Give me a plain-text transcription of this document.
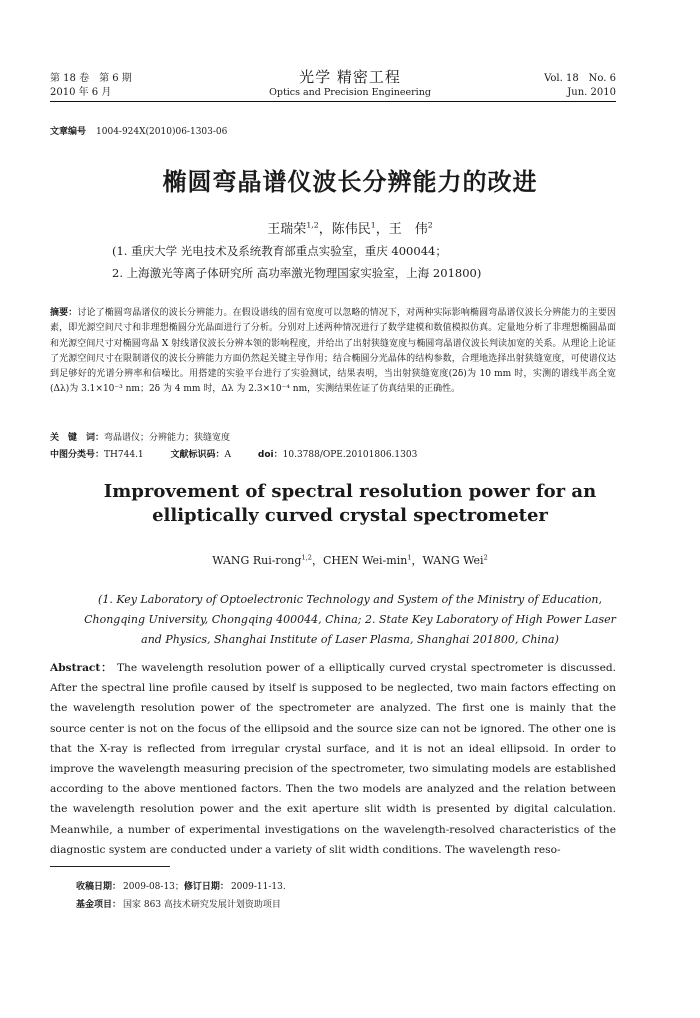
第 18 卷　第 6 期
2010 年 6 月
光学 精密工程
Optics and Precision Engineering
Vol. 18　No. 6
Jun. 2010
文章编号 1004-924X(2010)06-1303-06
椭圆弯晶谱仪波长分辨能力的改进
王瑞荣$^{1,2}$，陈伟民$^1$，王　伟$^2$
(1. 重庆大学 光电技术及系统教育部重点实验室，重庆 400044；
2. 上海激光等离子体研究所 高功率激光物理国家实验室，上海 201800)
摘要：讨论了椭圆弯晶谱仪的波长分辨能力。在假设谱线的固有宽度可以忽略的情况下，对两种实际影响椭圆弯晶谱仪波长分辨能力的主要因素，即光源空间尺寸和非理想椭圆分光晶面进行了分析。分别对上述两种情况进行了数学建模和数值模拟仿真。定量地分析了非理想椭圆晶面和光源空间尺寸对椭圆弯晶 X 射线谱仪波长分辨本领的影响程度，并给出了出射狭缝宽度与椭圆弯晶谱仪波长判读加宽的关系。从理论上论证了光源空间尺寸在限制谱仪的波长分辨能力方面仍然起关键主导作用；结合椭圆分光晶体的结构参数，合理地选择出射狭缝宽度，可使谱仪达到足够好的光谱分辨率和信噪比。用搭建的实验平台进行了实验测试，结果表明，当出射狭缝宽度(2δ)为 10 mm 时，实测的谱线半高全宽(Δλ)为 3.1×10⁻³ nm；2δ 为 4 mm 时，Δλ 为 2.3×10⁻⁴ nm，实测结果佐证了仿真结果的正确性。
关　键　词：弯晶谱仪；分辨能力；狭缝宽度
中图分类号：TH744.1	文献标识码：A	doi：10.3788/OPE.20101806.1303
Improvement of spectral resolution power for an
elliptically curved crystal spectrometer
WANG Rui-rong$^{1,2}$，CHEN Wei-$\min^1$，WANG Wei$^2$
(1. Key Laboratory of Optoelectronic Technology and System of the Ministry of Education, Chongqing University, Chongqing 400044, China; 2. State Key Laboratory of High Power Laser and Physics, Shanghai Institute of Laser Plasma, Shanghai 201800, China)
Abstract： The wavelength resolution power of a elliptically curved crystal spectrometer is discussed. After the spectral line profile caused by itself is supposed to be neglected, two main factors effecting on the wavelength resolution power of the spectrometer are analyzed. The first one is mainly that the source center is not on the focus of the ellipsoid and the source size can not be ignored. The other one is that the X-ray is reflected from irregular crystal surface, and it is not an ideal ellipsoid. In order to improve the wavelength measuring precision of the spectrometer, two simulating models are established according to the above mentioned factors. Then the two models are analyzed and the relation between the wavelength resolution power and the exit aperture slit width is presented by digital calculation. Meanwhile, a number of experimental investigations on the wavelength-resolved characteristics of the diagnostic system are conducted under a variety of slit width conditions. The wavelength reso-
收稿日期： 2009-08-13；修订日期： 2009-11-13.
基金项目： 国家 863 高技术研究发展计划资助项目
